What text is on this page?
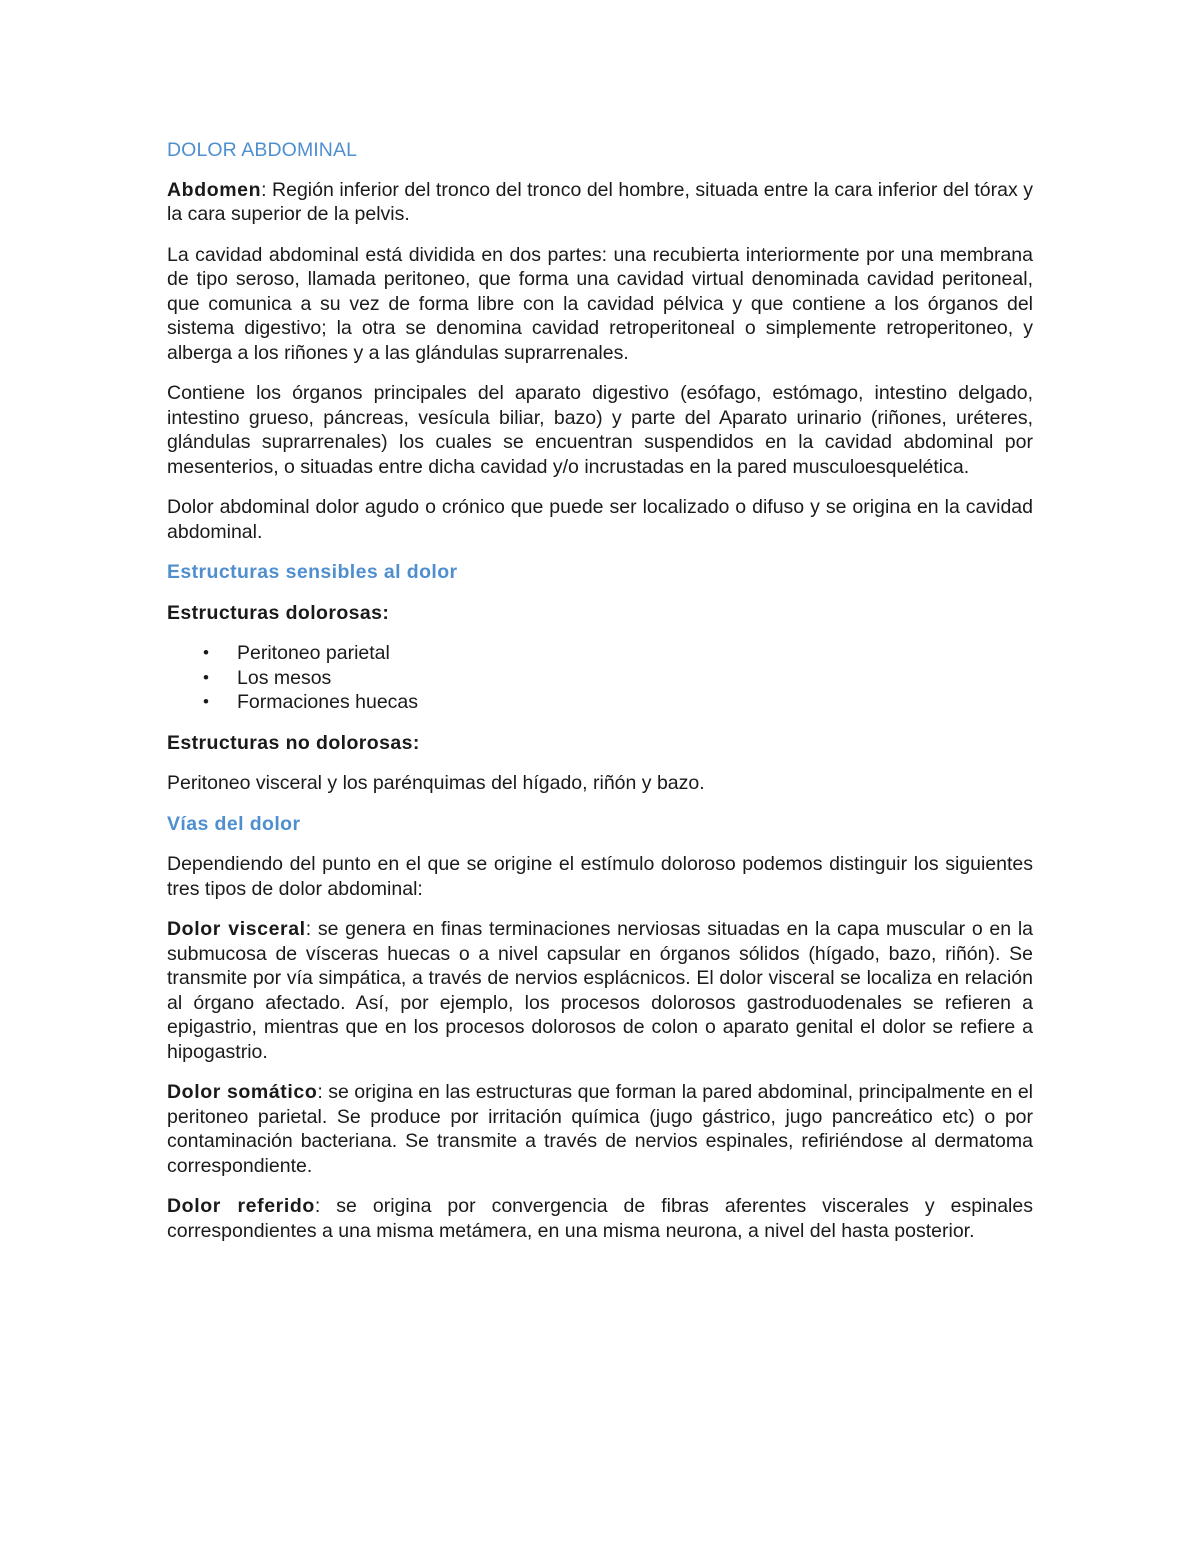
DOLOR ABDOMINAL

Abdomen: Región inferior del tronco del tronco del hombre, situada entre la cara inferior del tórax y la cara superior de la pelvis.

La cavidad abdominal está dividida en dos partes: una recubierta interiormente por una membrana de tipo seroso, llamada peritoneo, que forma una cavidad virtual denominada cavidad peritoneal, que comunica a su vez de forma libre con la cavidad pélvica y que contiene a los órganos del sistema digestivo; la otra se denomina cavidad retroperitoneal o simplemente retroperitoneo, y alberga a los riñones y a las glándulas suprarrenales.

Contiene los órganos principales del aparato digestivo (esófago, estómago, intestino delgado, intestino grueso, páncreas, vesícula biliar, bazo) y parte del Aparato urinario (riñones, uréteres, glándulas suprarrenales) los cuales se encuentran suspendidos en la cavidad abdominal por mesenterios, o situadas entre dicha cavidad y/o incrustadas en la pared musculoesquelética.

Dolor abdominal dolor agudo o crónico que puede ser localizado o difuso y se origina en la cavidad abdominal.

Estructuras sensibles al dolor
Estructuras dolorosas:
• Peritoneo parietal
• Los mesos
• Formaciones huecas
Estructuras no dolorosas:

Peritoneo visceral y los parénquimas del hígado, riñón y bazo.

Vías del dolor

Dependiendo del punto en el que se origine el estímulo doloroso podemos distinguir los siguientes tres tipos de dolor abdominal:

Dolor visceral: se genera en finas terminaciones nerviosas situadas en la capa muscular o en la submucosa de vísceras huecas o a nivel capsular en órganos sólidos (hígado, bazo, riñón). Se transmite por vía simpática, a través de nervios esplácnicos. El dolor visceral se localiza en relación al órgano afectado. Así, por ejemplo, los procesos dolorosos gastroduodenales se refieren a epigastrio, mientras que en los procesos dolorosos de colon o aparato genital el dolor se refiere a hipogastrio.

Dolor somático: se origina en las estructuras que forman la pared abdominal, principalmente en el peritoneo parietal. Se produce por irritación química (jugo gástrico, jugo pancreático etc) o por contaminación bacteriana. Se transmite a través de nervios espinales, refiriéndose al dermatoma correspondiente.

Dolor referido: se origina por convergencia de fibras aferentes viscerales y espinales correspondientes a una misma metámera, en una misma neurona, a nivel del hasta posterior.
